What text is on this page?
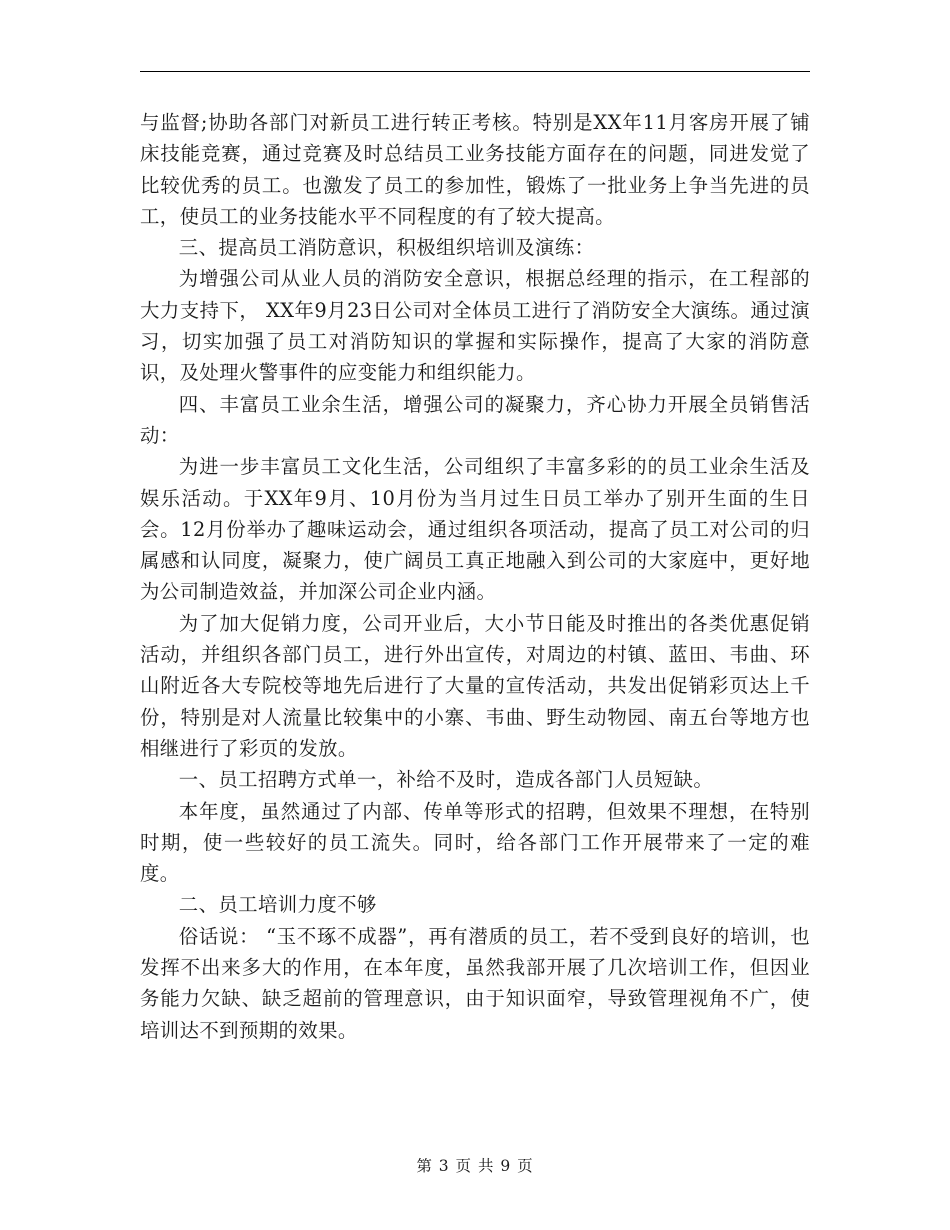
与监督;协助各部门对新员工进行转正考核。特别是XX年11月客房开展了铺床技能竞赛，通过竞赛及时总结员工业务技能方面存在的问题，同进发觉了比较优秀的员工。也激发了员工的参加性，锻炼了一批业务上争当先进的员工，使员工的业务技能水平不同程度的有了较大提高。

三、提高员工消防意识，积极组织培训及演练：

为增强公司从业人员的消防安全意识，根据总经理的指示，在工程部的大力支持下， XX年9月23日公司对全体员工进行了消防安全大演练。通过演习，切实加强了员工对消防知识的掌握和实际操作，提高了大家的消防意识，及处理火警事件的应变能力和组织能力。

四、丰富员工业余生活，增强公司的凝聚力，齐心协力开展全员销售活动：

为进一步丰富员工文化生活，公司组织了丰富多彩的的员工业余生活及娱乐活动。于XX年9月、10月份为当月过生日员工举办了别开生面的生日会。12月份举办了趣味运动会，通过组织各项活动，提高了员工对公司的归属感和认同度，凝聚力，使广阔员工真正地融入到公司的大家庭中，更好地为公司制造效益，并加深公司企业内涵。

为了加大促销力度，公司开业后，大小节日能及时推出的各类优惠促销活动，并组织各部门员工，进行外出宣传，对周边的村镇、蓝田、韦曲、环山附近各大专院校等地先后进行了大量的宣传活动，共发出促销彩页达上千份，特别是对人流量比较集中的小寨、韦曲、野生动物园、南五台等地方也相继进行了彩页的发放。

一、员工招聘方式单一，补给不及时，造成各部门人员短缺。

本年度，虽然通过了内部、传单等形式的招聘，但效果不理想，在特别时期，使一些较好的员工流失。同时，给各部门工作开展带来了一定的难度。

二、员工培训力度不够

俗话说： “玉不琢不成器”，再有潜质的员工，若不受到良好的培训，也发挥不出来多大的作用，在本年度，虽然我部开展了几次培训工作，但因业务能力欠缺、缺乏超前的管理意识，由于知识面窄，导致管理视角不广，使培训达不到预期的效果。

第 3 页 共 9 页
